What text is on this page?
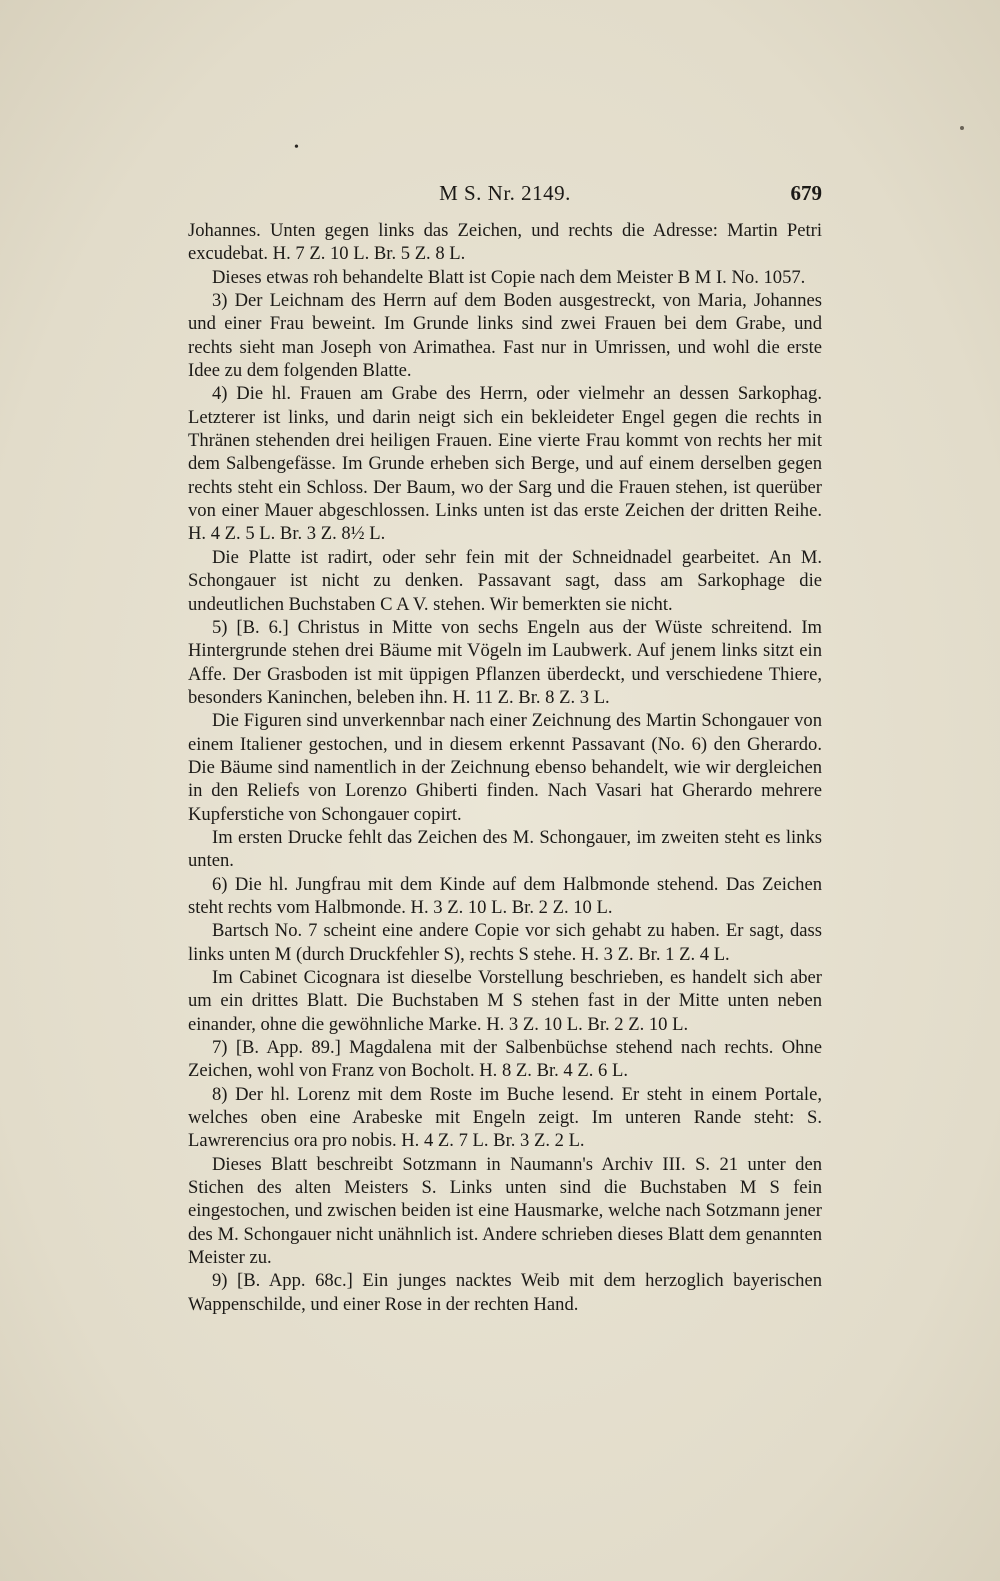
•
M S. Nr. 2149.	679

Johannes. Unten gegen links das Zeichen, und rechts die Adresse: Martin Petri excudebat. H. 7 Z. 10 L. Br. 5 Z. 8 L.

Dieses etwas roh behandelte Blatt ist Copie nach dem Meister B M I. No. 1057.

3) Der Leichnam des Herrn auf dem Boden ausgestreckt, von Maria, Johannes und einer Frau beweint. Im Grunde links sind zwei Frauen bei dem Grabe, und rechts sieht man Joseph von Arimathea. Fast nur in Umrissen, und wohl die erste Idee zu dem folgenden Blatte.

4) Die hl. Frauen am Grabe des Herrn, oder vielmehr an dessen Sarkophag. Letzterer ist links, und darin neigt sich ein bekleideter Engel gegen die rechts in Thränen stehenden drei heiligen Frauen. Eine vierte Frau kommt von rechts her mit dem Salbengefässe. Im Grunde erheben sich Berge, und auf einem derselben gegen rechts steht ein Schloss. Der Baum, wo der Sarg und die Frauen stehen, ist querüber von einer Mauer abgeschlossen. Links unten ist das erste Zeichen der dritten Reihe. H. 4 Z. 5 L. Br. 3 Z. 8½ L.

Die Platte ist radirt, oder sehr fein mit der Schneidnadel gearbeitet. An M. Schongauer ist nicht zu denken. Passavant sagt, dass am Sarkophage die undeutlichen Buchstaben C A V. stehen. Wir bemerkten sie nicht.

5) [B. 6.] Christus in Mitte von sechs Engeln aus der Wüste schreitend. Im Hintergrunde stehen drei Bäume mit Vögeln im Laubwerk. Auf jenem links sitzt ein Affe. Der Grasboden ist mit üppigen Pflanzen überdeckt, und verschiedene Thiere, besonders Kaninchen, beleben ihn. H. 11 Z. Br. 8 Z. 3 L.

Die Figuren sind unverkennbar nach einer Zeichnung des Martin Schongauer von einem Italiener gestochen, und in diesem erkennt Passavant (No. 6) den Gherardo. Die Bäume sind namentlich in der Zeichnung ebenso behandelt, wie wir dergleichen in den Reliefs von Lorenzo Ghiberti finden. Nach Vasari hat Gherardo mehrere Kupferstiche von Schongauer copirt.

Im ersten Drucke fehlt das Zeichen des M. Schongauer, im zweiten steht es links unten.

6) Die hl. Jungfrau mit dem Kinde auf dem Halbmonde stehend. Das Zeichen steht rechts vom Halbmonde. H. 3 Z. 10 L. Br. 2 Z. 10 L.

Bartsch No. 7 scheint eine andere Copie vor sich gehabt zu haben. Er sagt, dass links unten M (durch Druckfehler S), rechts S stehe. H. 3 Z. Br. 1 Z. 4 L.

Im Cabinet Cicognara ist dieselbe Vorstellung beschrieben, es handelt sich aber um ein drittes Blatt. Die Buchstaben M S stehen fast in der Mitte unten neben einander, ohne die gewöhnliche Marke. H. 3 Z. 10 L. Br. 2 Z. 10 L.

7) [B. App. 89.] Magdalena mit der Salbenbüchse stehend nach rechts. Ohne Zeichen, wohl von Franz von Bocholt. H. 8 Z. Br. 4 Z. 6 L.

8) Der hl. Lorenz mit dem Roste im Buche lesend. Er steht in einem Portale, welches oben eine Arabeske mit Engeln zeigt. Im unteren Rande steht: S. Lawrerencius ora pro nobis. H. 4 Z. 7 L. Br. 3 Z. 2 L.

Dieses Blatt beschreibt Sotzmann in Naumann's Archiv III. S. 21 unter den Stichen des alten Meisters S. Links unten sind die Buchstaben M S fein eingestochen, und zwischen beiden ist eine Hausmarke, welche nach Sotzmann jener des M. Schongauer nicht unähnlich ist. Andere schrieben dieses Blatt dem genannten Meister zu.

9) [B. App. 68c.] Ein junges nacktes Weib mit dem herzoglich bayerischen Wappenschilde, und einer Rose in der rechten Hand.
